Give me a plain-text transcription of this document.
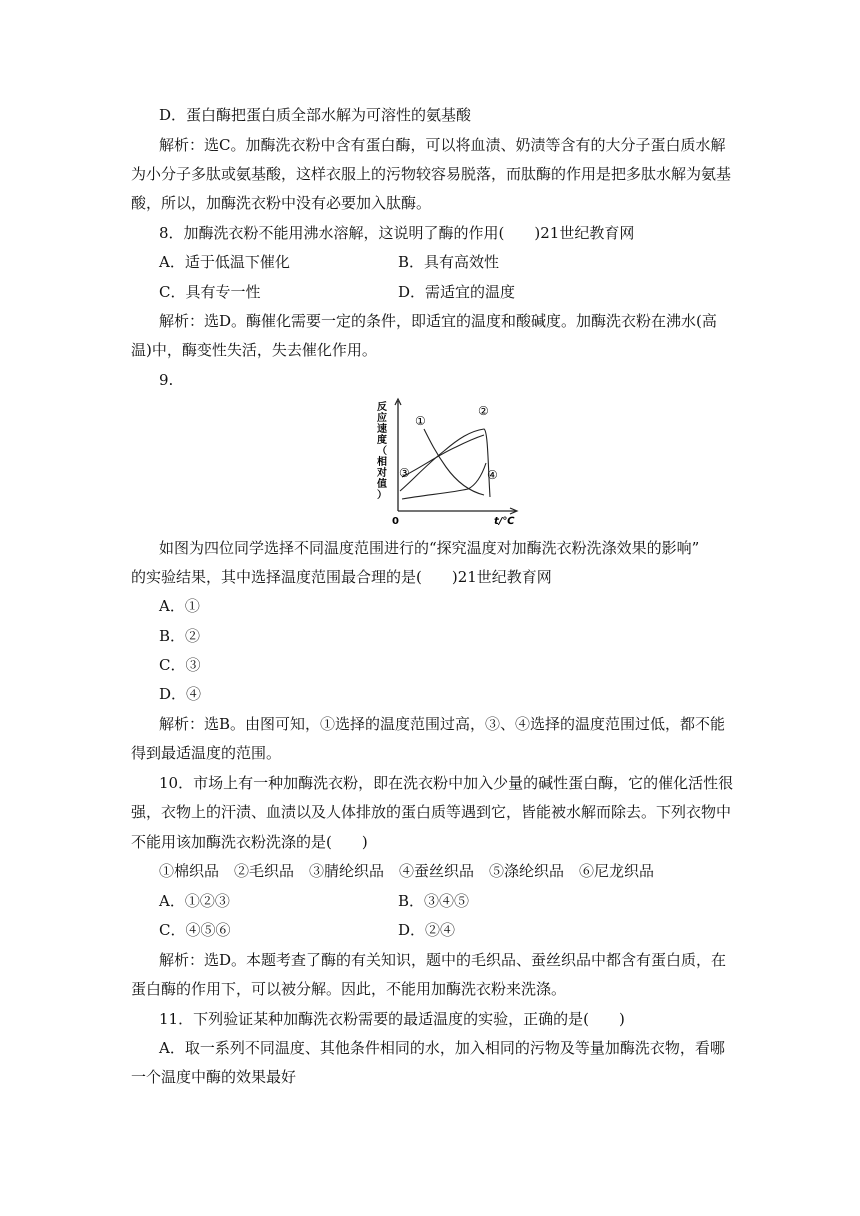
D．蛋白酶把蛋白质全部水解为可溶性的氨基酸
解析：选C。加酶洗衣粉中含有蛋白酶，可以将血渍、奶渍等含有的大分子蛋白质水解
为小分子多肽或氨基酸，这样衣服上的污物较容易脱落，而肽酶的作用是把多肽水解为氨基
酸，所以，加酶洗衣粉中没有必要加入肽酶。
8．加酶洗衣粉不能用沸水溶解，这说明了酶的作用(　　)21世纪教育网
A．适于低温下催化	B．具有高效性
C．具有专一性	D．需适宜的温度
解析：选D。酶催化需要一定的条件，即适宜的温度和酸碱度。加酶洗衣粉在沸水(高
温)中，酶变性失活，失去催化作用。
9.
反
应
速
度
（
相
对
值
）
0	t/℃
①
②
③	④
如图为四位同学选择不同温度范围进行的“探究温度对加酶洗衣粉洗涤效果的影响”
的实验结果，其中选择温度范围最合理的是(　　)21世纪教育网
A．①
B．②
C．③
D．④
解析：选B。由图可知，①选择的温度范围过高，③、④选择的温度范围过低，都不能
得到最适温度的范围。
10．市场上有一种加酶洗衣粉，即在洗衣粉中加入少量的碱性蛋白酶，它的催化活性很
强，衣物上的汗渍、血渍以及人体排放的蛋白质等遇到它，皆能被水解而除去。下列衣物中
不能用该加酶洗衣粉洗涤的是(　　)
①棉织品　②毛织品　③腈纶织品　④蚕丝织品　⑤涤纶织品　⑥尼龙织品
A．①②③	B．③④⑤
C．④⑤⑥	D．②④
解析：选D。本题考查了酶的有关知识，题中的毛织品、蚕丝织品中都含有蛋白质，在
蛋白酶的作用下，可以被分解。因此，不能用加酶洗衣粉来洗涤。
11．下列验证某种加酶洗衣粉需要的最适温度的实验，正确的是(　　)
A．取一系列不同温度、其他条件相同的水，加入相同的污物及等量加酶洗衣物，看哪
一个温度中酶的效果最好
